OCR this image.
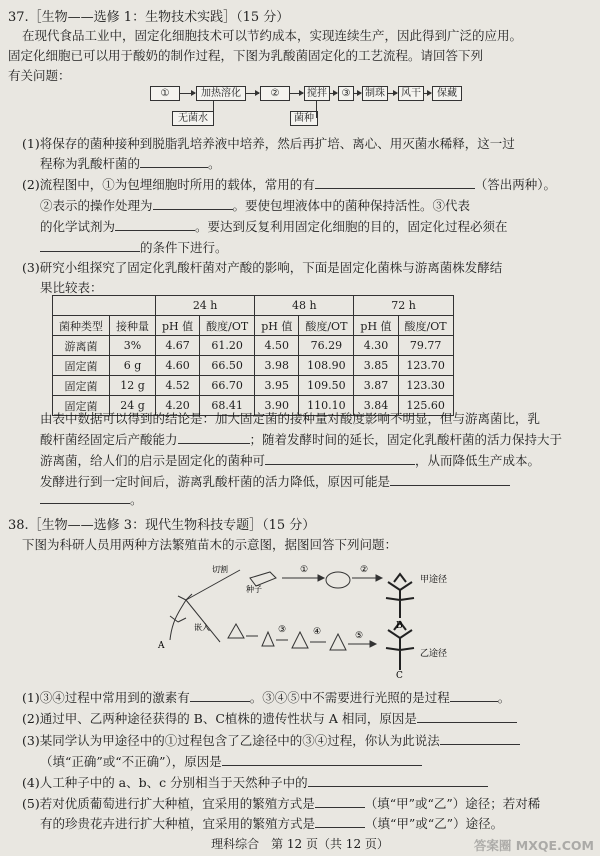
37.［生物——选修 1：生物技术实践］（15 分）
在现代食品工业中，固定化细胞技术可以节约成本，实现连续生产，因此得到广泛的应用。
固定化细胞已可以用于酸奶的制作过程，下图为乳酸菌固定化的工艺流程。请回答下列
有关问题：
①	加热溶化	②	搅拌	③	制珠	风干	保藏
无菌水	菌种
(1)将保存的菌种接种到脱脂乳培养液中培养，然后再扩培、离心、用灭菌水稀释，这一过
程称为乳酸杆菌的	。
(2)流程图中，①为包埋细胞时所用的载体，常用的有	（答出两种）。
②表示的操作处理为	。要使包埋液体中的菌种保持活性。③代表
的化学试剂为	。要达到反复利用固定化细胞的目的，固定化过程必须在
的条件下进行。
(3)研究小组探究了固定化乳酸杆菌对产酸的影响，下面是固定化菌株与游离菌株发酵结
果比较表：
		24 h		48 h		72 h	
菌种类型	接种量	pH 值	酸度/OT	pH 值	酸度/OT	pH 值	酸度/OT
游离菌	3%	4.67	61.20	4.50	76.29	4.30	79.77
固定菌	6 g	4.60	66.50	3.98	108.90	3.85	123.70
固定菌	12 g	4.52	66.70	3.95	109.50	3.87	123.30
固定菌	24 g	4.20	68.41	3.90	110.10	3.84	125.60
由表中数据可以得到的结论是：加大固定菌的接种量对酸度影响不明显，但与游离菌比，乳
酸杆菌经固定后产酸能力	；随着发酵时间的延长，固定化乳酸杆菌的活力保持大于
游离菌，给人们的启示是固定化的菌种可	，从而降低生产成本。
发酵进行到一定时间后，游离乳酸杆菌的活力降低，原因可能是
。
38.［生物——选修 3：现代生物科技专题］（15 分）
下图为科研人员用两种方法繁殖苗木的示意图，据图回答下列问题：
切割	①	②
甲途径
B
A
嵌入	③	④	⑤
乙途径
C
种子
(1)③④过程中常用到的激素有	。③④⑤中不需要进行光照的是过程	。
(2)通过甲、乙两种途径获得的 B、C植株的遗传性状与 A 相同，原因是
(3)某同学认为甲途径中的①过程包含了乙途径中的③④过程，你认为此说法
（填“正确”或“不正确”），原因是
(4)人工种子中的 a、b、c 分别相当于天然种子中的
(5)若对优质葡萄进行扩大种植，宜采用的繁殖方式是	（填“甲”或“乙”）途径；若对稀
有的珍贵花卉进行扩大种植，宜采用的繁殖方式是	（填“甲”或“乙”）途径。
理科综合　第 12 页（共 12 页）	答案圈 MXQE.COM
